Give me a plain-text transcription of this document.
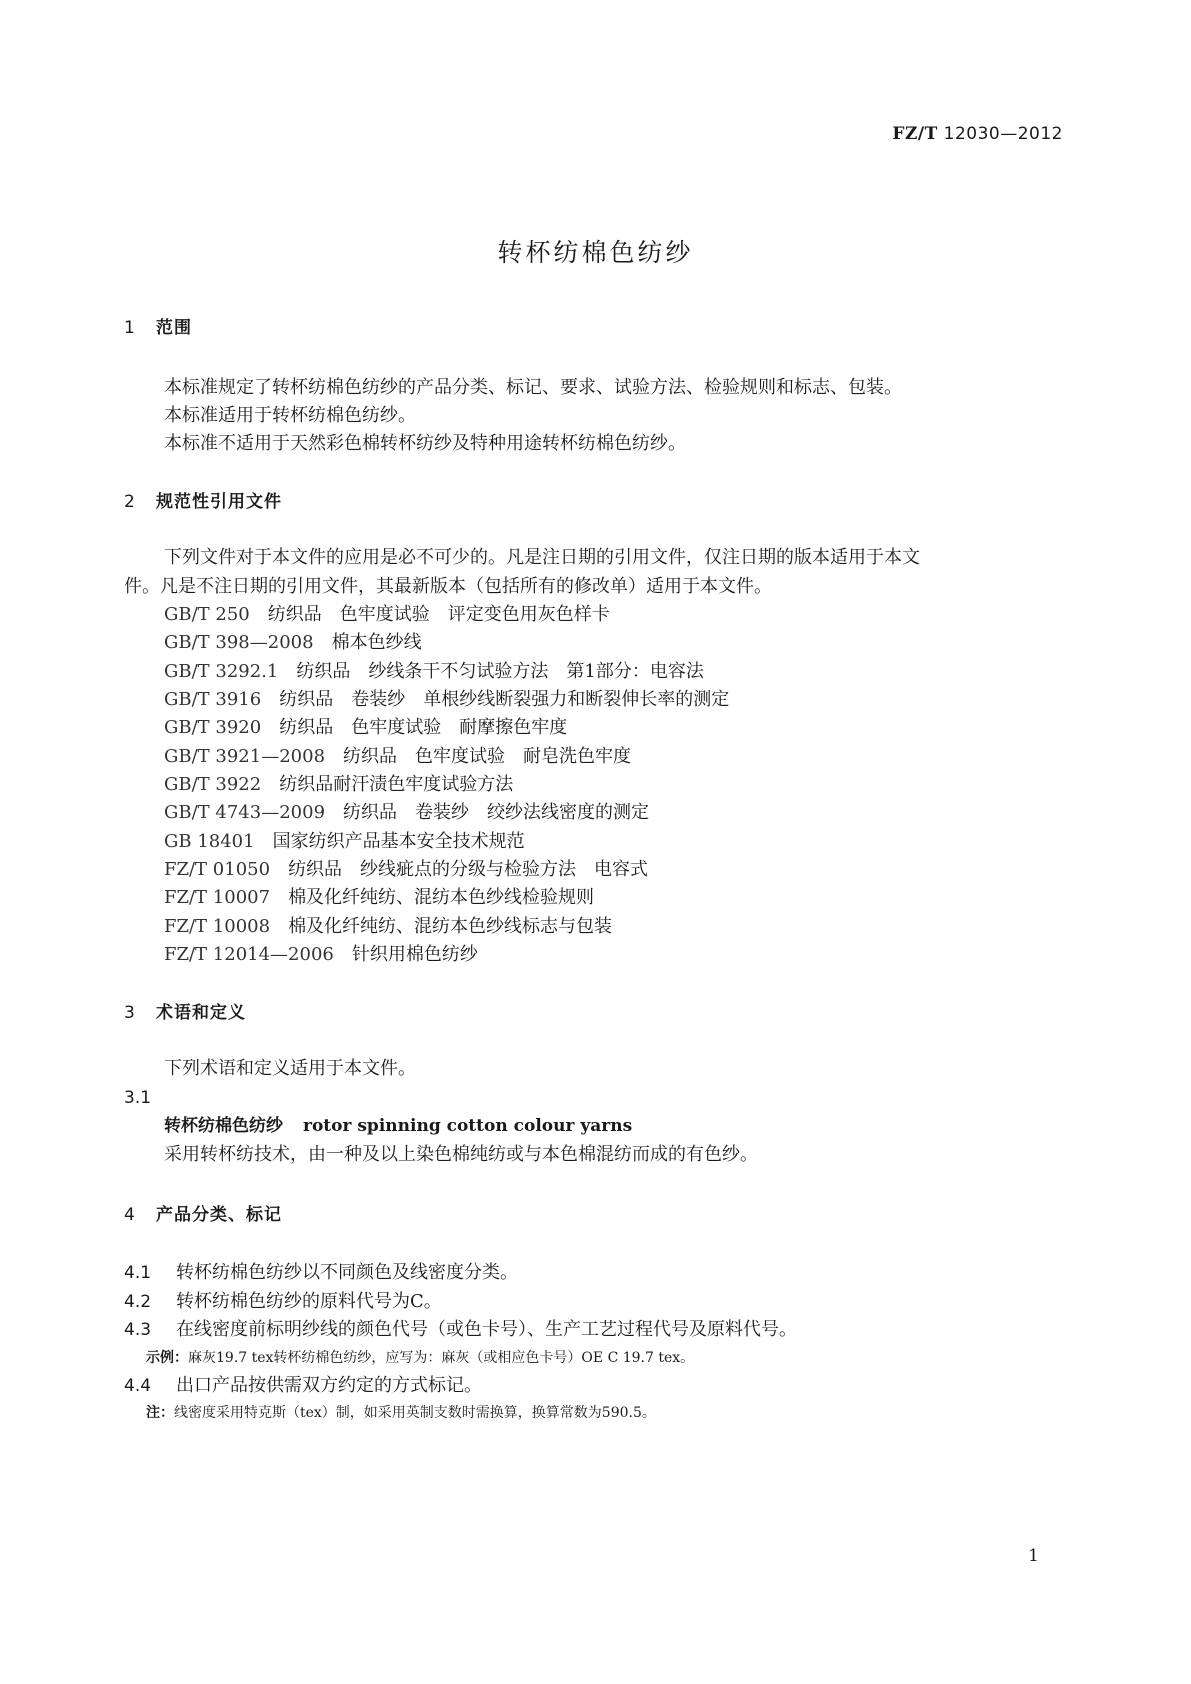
FZ/T 12030—2012
转杯纺棉色纺纱
1 范围
本标准规定了转杯纺棉色纺纱的产品分类、标记、要求、试验方法、检验规则和标志、包装。
本标准适用于转杯纺棉色纺纱。
本标准不适用于天然彩色棉转杯纺纱及特种用途转杯纺棉色纺纱。
2 规范性引用文件
下列文件对于本文件的应用是必不可少的。凡是注日期的引用文件，仅注日期的版本适用于本文
件。凡是不注日期的引用文件，其最新版本（包括所有的修改单）适用于本文件。
GB/T 250 纺织品　色牢度试验　评定变色用灰色样卡
GB/T 398—2008 棉本色纱线
GB/T 3292.1 纺织品　纱线条干不匀试验方法　第1部分：电容法
GB/T 3916 纺织品　卷装纱　单根纱线断裂强力和断裂伸长率的测定
GB/T 3920 纺织品　色牢度试验　耐摩擦色牢度
GB/T 3921—2008 纺织品　色牢度试验　耐皂洗色牢度
GB/T 3922 纺织品耐汗渍色牢度试验方法
GB/T 4743—2009 纺织品　卷装纱　绞纱法线密度的测定
GB 18401 国家纺织产品基本安全技术规范
FZ/T 01050 纺织品　纱线疵点的分级与检验方法　电容式
FZ/T 10007 棉及化纤纯纺、混纺本色纱线检验规则
FZ/T 10008 棉及化纤纯纺、混纺本色纱线标志与包装
FZ/T 12014—2006 针织用棉色纺纱
3 术语和定义
下列术语和定义适用于本文件。
3.1
转杯纺棉色纺纱 rotor spinning cotton colour yarns
采用转杯纺技术，由一种及以上染色棉纯纺或与本色棉混纺而成的有色纱。
4 产品分类、标记
4.1 转杯纺棉色纺纱以不同颜色及线密度分类。
4.2 转杯纺棉色纺纱的原料代号为C。
4.3 在线密度前标明纱线的颜色代号（或色卡号）、生产工艺过程代号及原料代号。
示例：麻灰19.7 tex转杯纺棉色纺纱，应写为：麻灰（或相应色卡号）OE C 19.7 tex。
4.4 出口产品按供需双方约定的方式标记。
注：线密度采用特克斯（tex）制，如采用英制支数时需换算，换算常数为590.5。
1
